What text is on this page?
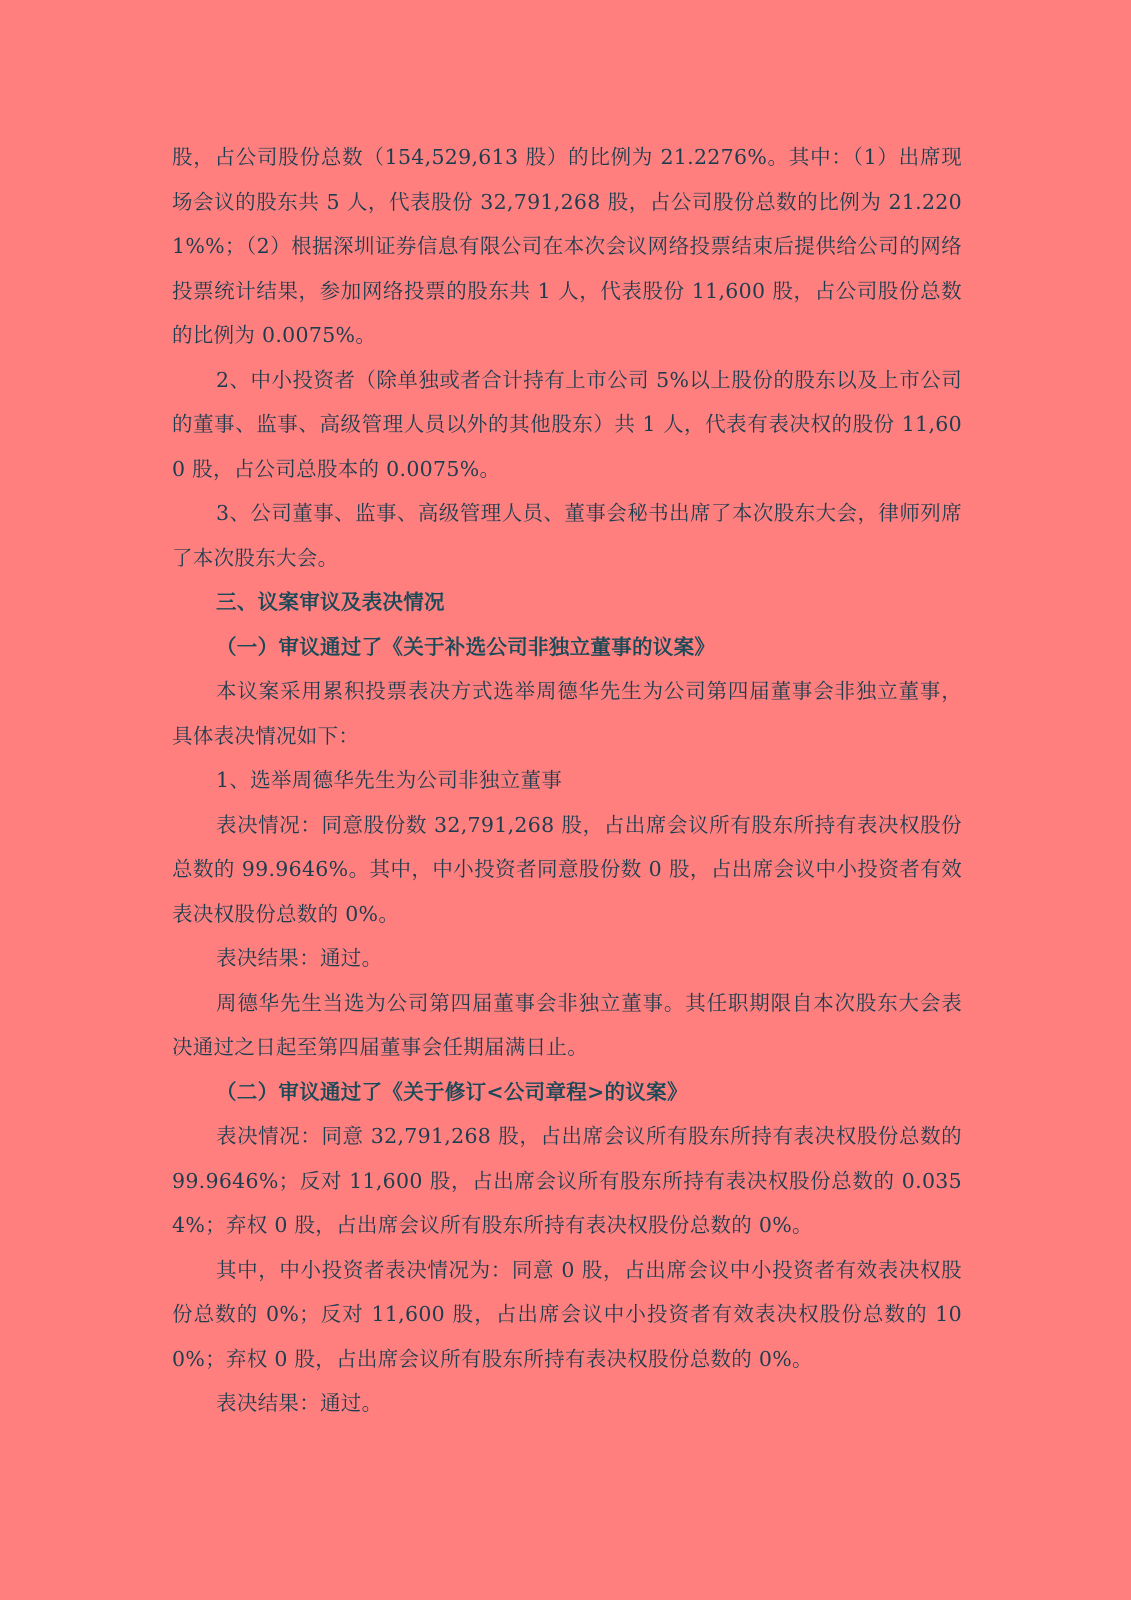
股，占公司股份总数（154,529,613 股）的比例为 21.2276%。其中：（1）出席现场会议的股东共 5 人，代表股份 32,791,268 股，占公司股份总数的比例为 21.2201%%；（2）根据深圳证券信息有限公司在本次会议网络投票结束后提供给公司的网络投票统计结果，参加网络投票的股东共 1 人，代表股份 11,600 股，占公司股份总数的比例为 0.0075%。

2、中小投资者（除单独或者合计持有上市公司 5%以上股份的股东以及上市公司的董事、监事、高级管理人员以外的其他股东）共 1 人，代表有表决权的股份 11,600 股，占公司总股本的 0.0075%。

3、公司董事、监事、高级管理人员、董事会秘书出席了本次股东大会，律师列席了本次股东大会。

三、议案审议及表决情况

（一）审议通过了《关于补选公司非独立董事的议案》

本议案采用累积投票表决方式选举周德华先生为公司第四届董事会非独立董事，具体表决情况如下：

1、选举周德华先生为公司非独立董事

表决情况：同意股份数 32,791,268 股，占出席会议所有股东所持有表决权股份总数的 99.9646%。其中，中小投资者同意股份数 0 股，占出席会议中小投资者有效表决权股份总数的 0%。

表决结果：通过。

周德华先生当选为公司第四届董事会非独立董事。其任职期限自本次股东大会表决通过之日起至第四届董事会任期届满日止。

（二）审议通过了《关于修订<公司章程>的议案》

表决情况：同意 32,791,268 股，占出席会议所有股东所持有表决权股份总数的 99.9646%；反对 11,600 股，占出席会议所有股东所持有表决权股份总数的 0.0354%；弃权 0 股，占出席会议所有股东所持有表决权股份总数的 0%。

其中，中小投资者表决情况为：同意 0 股，占出席会议中小投资者有效表决权股份总数的 0%；反对 11,600 股，占出席会议中小投资者有效表决权股份总数的 100%；弃权 0 股，占出席会议所有股东所持有表决权股份总数的 0%。

表决结果：通过。
